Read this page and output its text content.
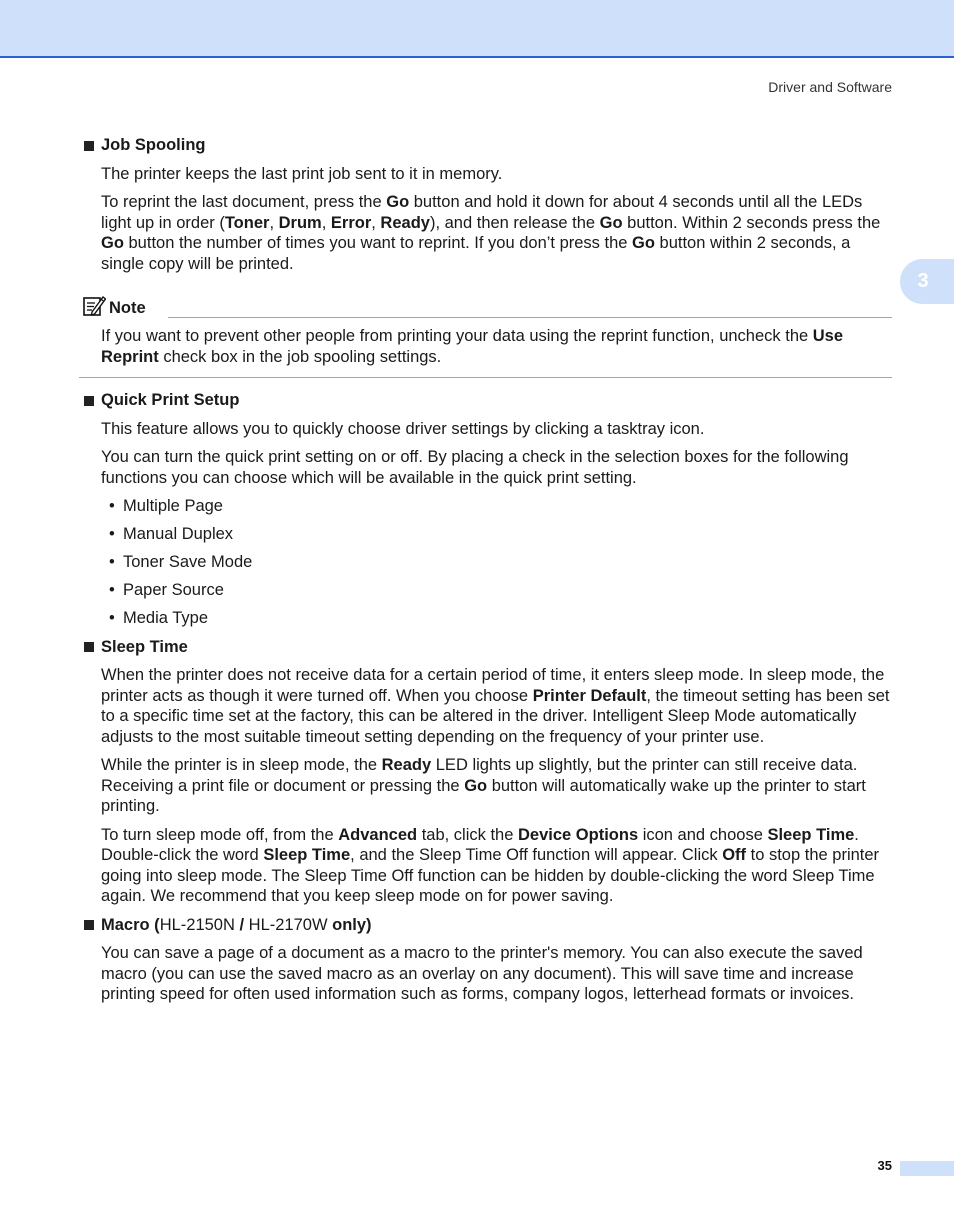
Driver and Software
3
Job Spooling
The printer keeps the last print job sent to it in memory.
To reprint the last document, press the Go button and hold it down for about 4 seconds until all the LEDs light up in order (Toner, Drum, Error, Ready), and then release the Go button. Within 2 seconds press the Go button the number of times you want to reprint. If you don’t press the Go button within 2 seconds, a single copy will be printed.
Note
If you want to prevent other people from printing your data using the reprint function, uncheck the Use Reprint check box in the job spooling settings.
Quick Print Setup
This feature allows you to quickly choose driver settings by clicking a tasktray icon.
You can turn the quick print setting on or off. By placing a check in the selection boxes for the following functions you can choose which will be available in the quick print setting.
• Multiple Page
• Manual Duplex
• Toner Save Mode
• Paper Source
• Media Type
Sleep Time
When the printer does not receive data for a certain period of time, it enters sleep mode. In sleep mode, the printer acts as though it were turned off. When you choose Printer Default, the timeout setting has been set to a specific time set at the factory, this can be altered in the driver. Intelligent Sleep Mode automatically adjusts to the most suitable timeout setting depending on the frequency of your printer use.
While the printer is in sleep mode, the Ready LED lights up slightly, but the printer can still receive data. Receiving a print file or document or pressing the Go button will automatically wake up the printer to start printing.
To turn sleep mode off, from the Advanced tab, click the Device Options icon and choose Sleep Time. Double-click the word Sleep Time, and the Sleep Time Off function will appear. Click Off to stop the printer going into sleep mode. The Sleep Time Off function can be hidden by double-clicking the word Sleep Time again. We recommend that you keep sleep mode on for power saving.
Macro (HL-2150N / HL-2170W only)
You can save a page of a document as a macro to the printer's memory. You can also execute the saved macro (you can use the saved macro as an overlay on any document). This will save time and increase printing speed for often used information such as forms, company logos, letterhead formats or invoices.
35
